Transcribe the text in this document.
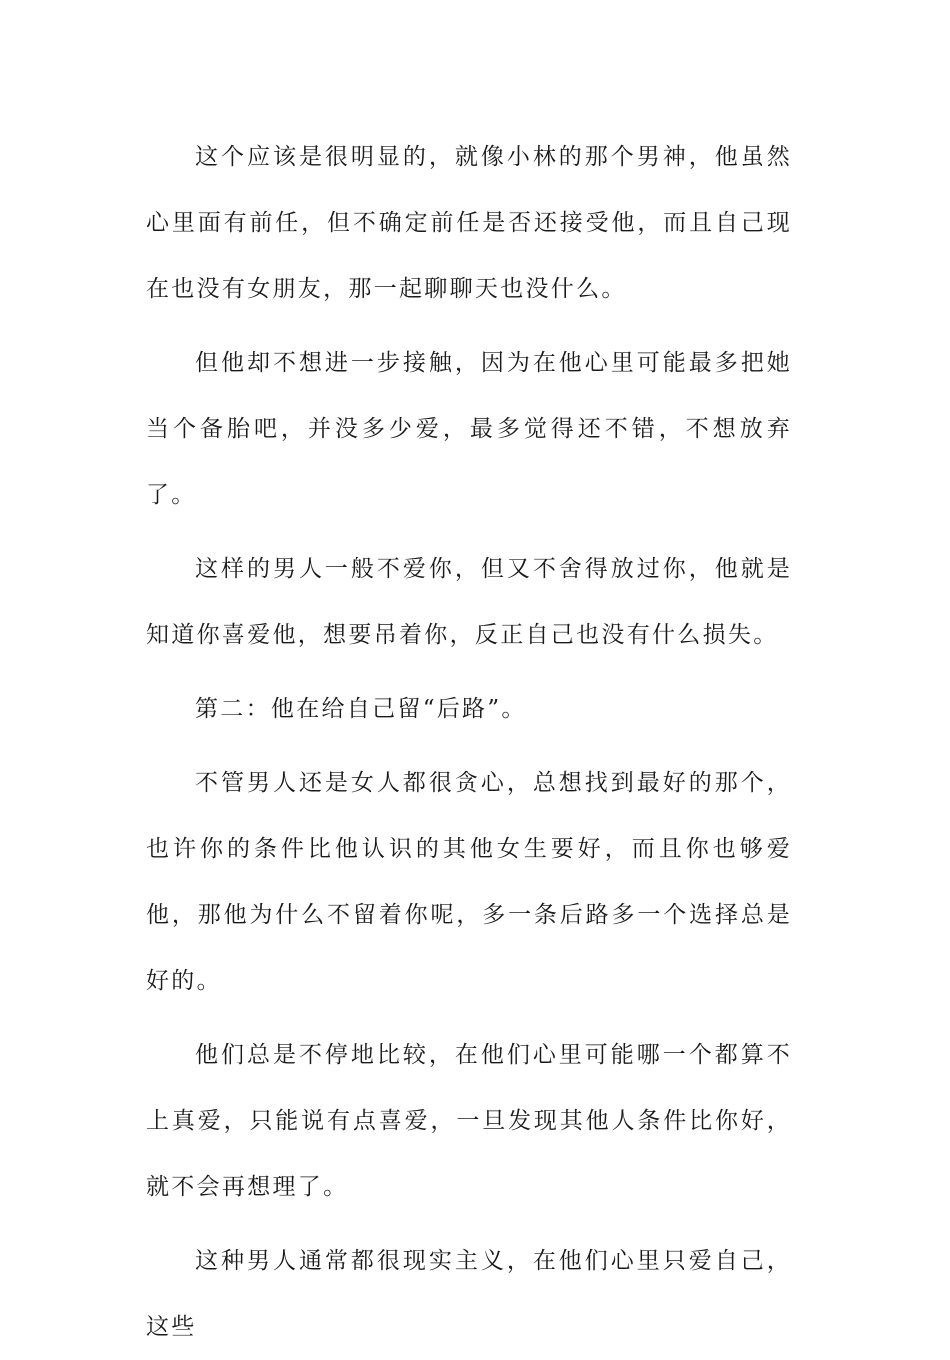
这个应该是很明显的，就像小林的那个男神，他虽然心里面有前任，但不确定前任是否还接受他，而且自己现在也没有女朋友，那一起聊聊天也没什么。

但他却不想进一步接触，因为在他心里可能最多把她当个备胎吧，并没多少爱，最多觉得还不错，不想放弃了。

这样的男人一般不爱你，但又不舍得放过你，他就是知道你喜爱他，想要吊着你，反正自己也没有什么损失。

第二：他在给自己留“后路”。

不管男人还是女人都很贪心，总想找到最好的那个，也许你的条件比他认识的其他女生要好，而且你也够爱他，那他为什么不留着你呢，多一条后路多一个选择总是好的。

他们总是不停地比较，在他们心里可能哪一个都算不上真爱，只能说有点喜爱，一旦发现其他人条件比你好，就不会再想理了。

这种男人通常都很现实主义，在他们心里只爱自己，这些
